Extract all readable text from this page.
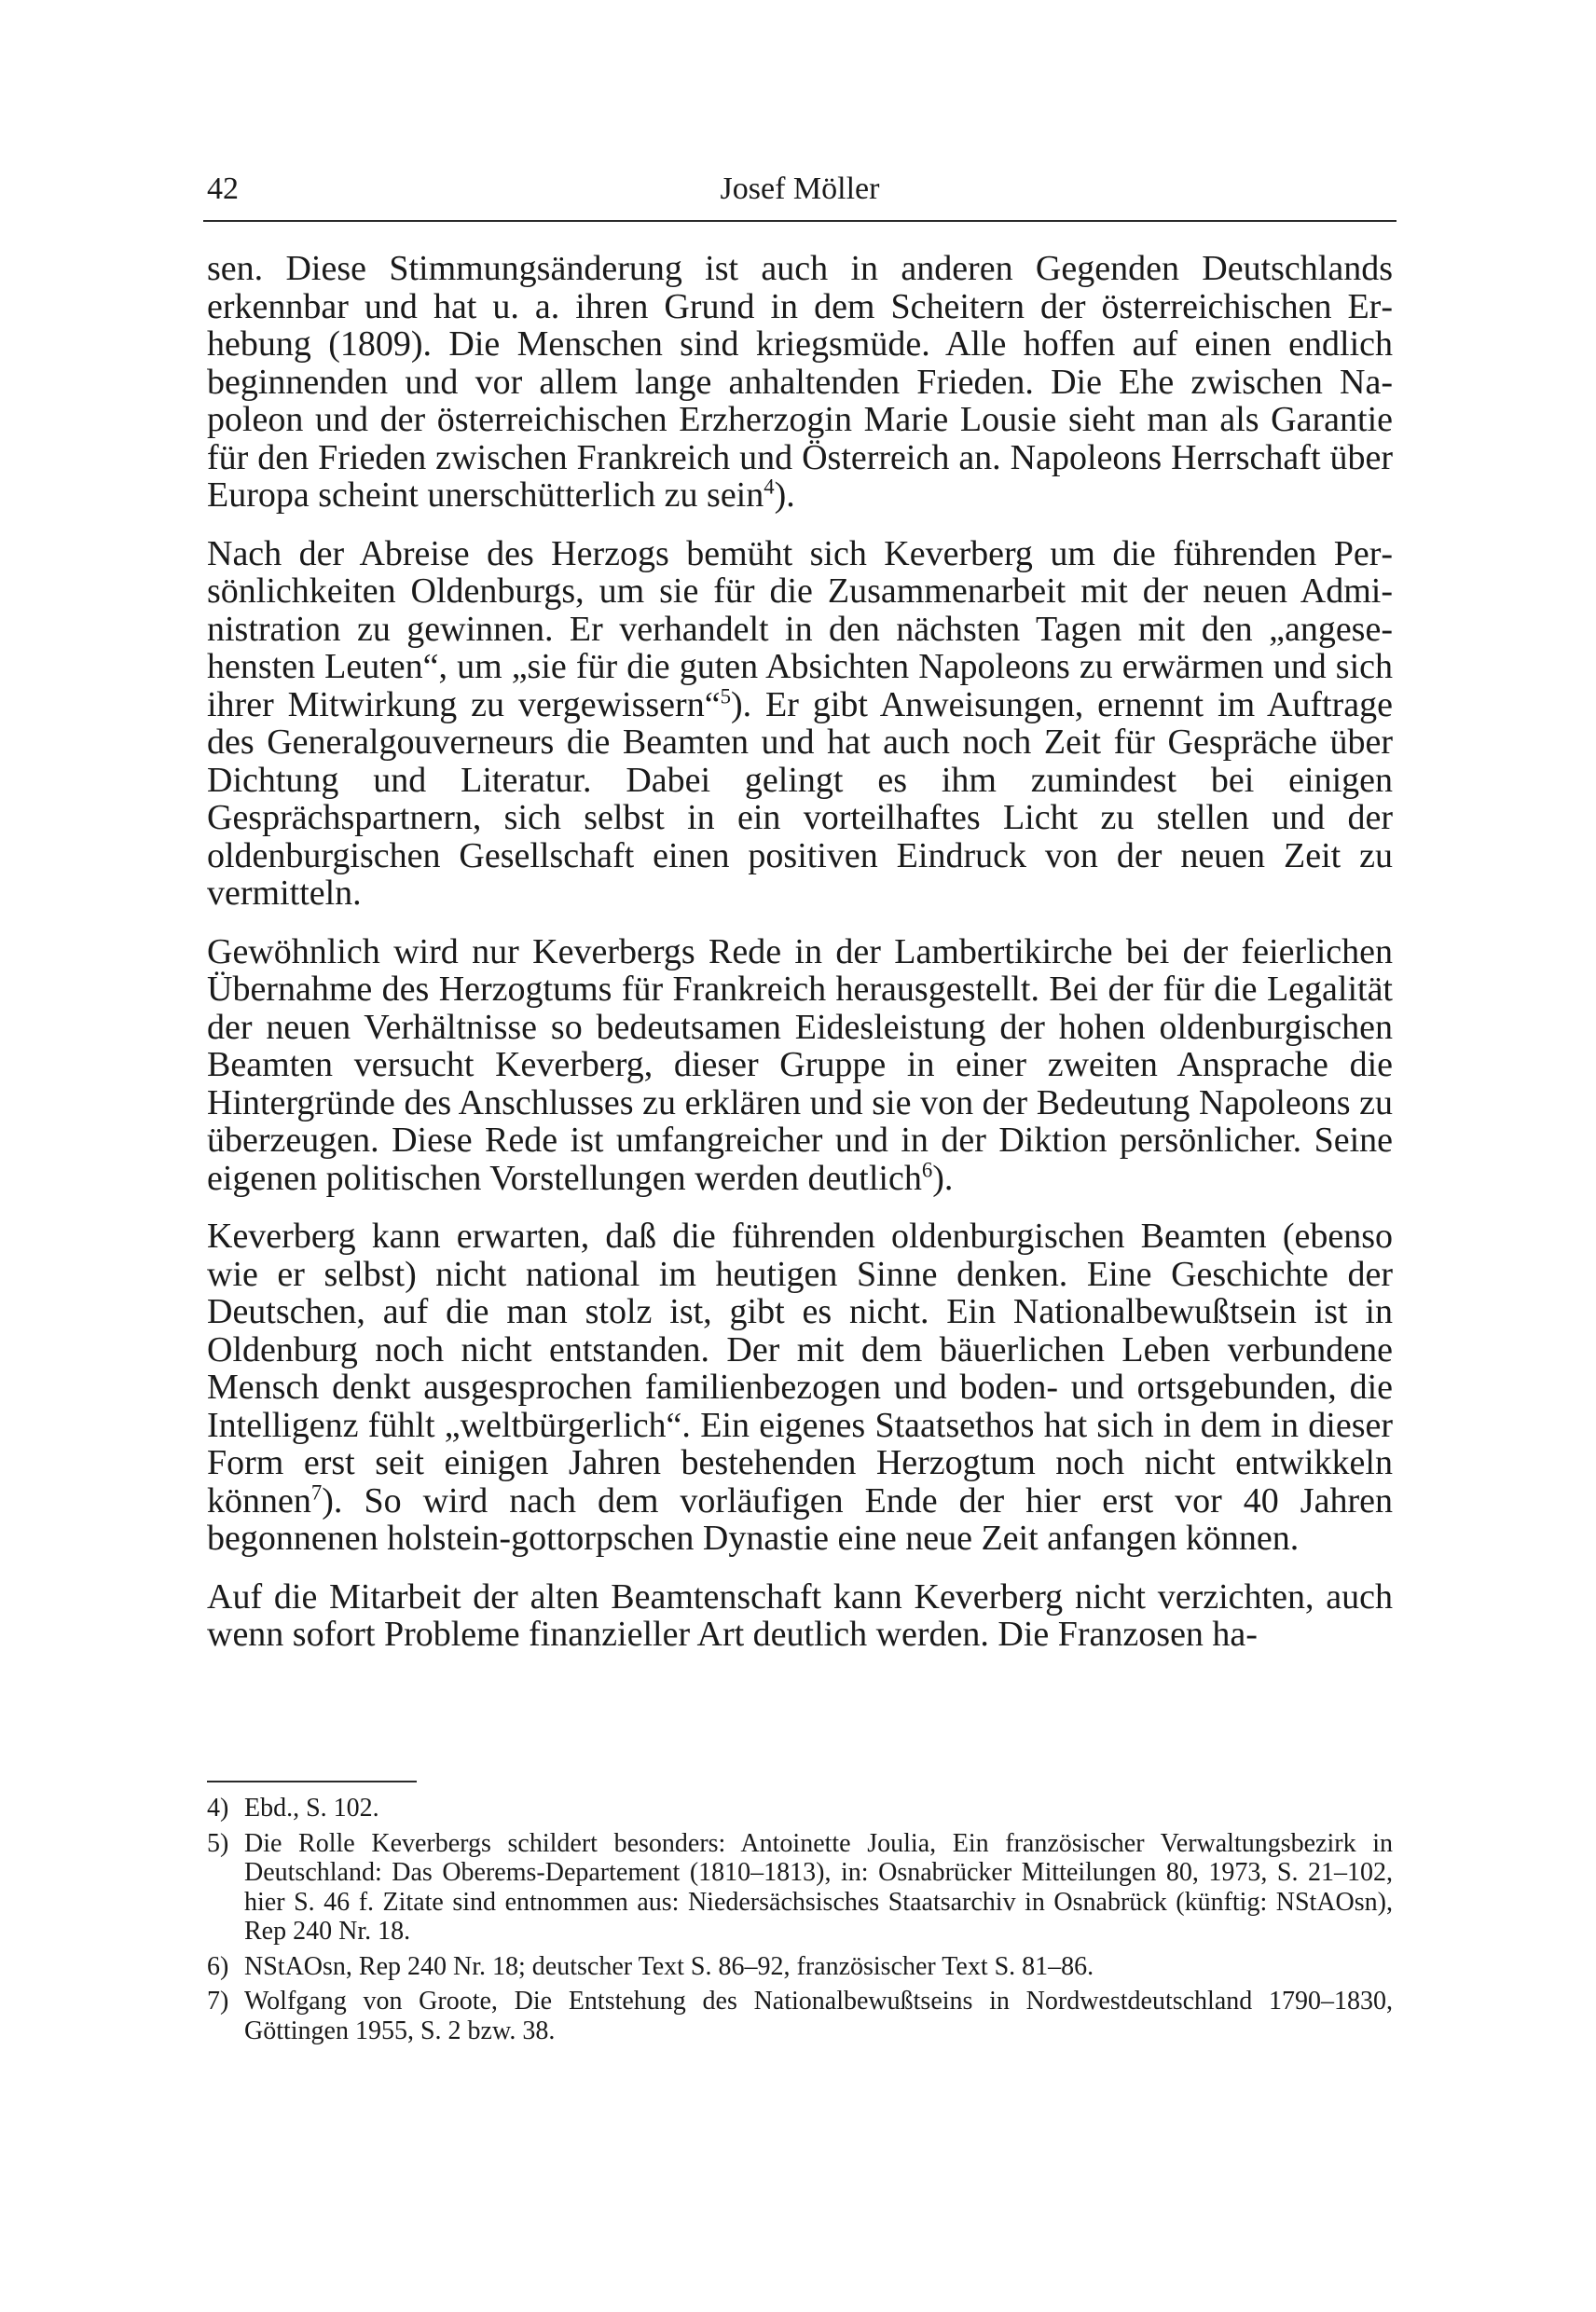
42	Josef Möller

sen. Diese Stimmungsänderung ist auch in anderen Gegenden Deutschlands erkennbar und hat u. a. ihren Grund in dem Scheitern der österreichischen Erhebung (1809). Die Menschen sind kriegsmüde. Alle hoffen auf einen endlich beginnenden und vor allem lange anhaltenden Frieden. Die Ehe zwischen Napoleon und der österreichischen Erzherzogin Marie Lousie sieht man als Garantie für den Frieden zwischen Frankreich und Österreich an. Napoleons Herrschaft über Europa scheint unerschütterlich zu sein$^4$).

Nach der Abreise des Herzogs bemüht sich Keverberg um die führenden Persönlichkeiten Oldenburgs, um sie für die Zusammenarbeit mit der neuen Administration zu gewinnen. Er verhandelt in den nächsten Tagen mit den „angesehensten Leuten“, um „sie für die guten Absichten Napoleons zu erwärmen und sich ihrer Mitwirkung zu vergewissern“$^5$). Er gibt Anweisungen, ernennt im Auftrage des Generalgouverneurs die Beamten und hat auch noch Zeit für Gespräche über Dichtung und Literatur. Dabei gelingt es ihm zumindest bei einigen Gesprächspartnern, sich selbst in ein vorteilhaftes Licht zu stellen und der oldenburgischen Gesellschaft einen positiven Eindruck von der neuen Zeit zu vermitteln.

Gewöhnlich wird nur Keverbergs Rede in der Lambertikirche bei der feierlichen Übernahme des Herzogtums für Frankreich herausgestellt. Bei der für die Legalität der neuen Verhältnisse so bedeutsamen Eidesleistung der hohen oldenburgischen Beamten versucht Keverberg, dieser Gruppe in einer zweiten Ansprache die Hintergründe des Anschlusses zu erklären und sie von der Bedeutung Napoleons zu überzeugen. Diese Rede ist umfangreicher und in der Diktion persönlicher. Seine eigenen politischen Vorstellungen werden deutlich$^6$).

Keverberg kann erwarten, daß die führenden oldenburgischen Beamten (ebenso wie er selbst) nicht national im heutigen Sinne denken. Eine Geschichte der Deutschen, auf die man stolz ist, gibt es nicht. Ein Nationalbewußtsein ist in Oldenburg noch nicht entstanden. Der mit dem bäuerlichen Leben verbundene Mensch denkt ausgesprochen familienbezogen und boden- und ortsgebunden, die Intelligenz fühlt „weltbürgerlich“. Ein eigenes Staatsethos hat sich in dem in dieser Form erst seit einigen Jahren bestehenden Herzogtum noch nicht entwikkeln können$^7$). So wird nach dem vorläufigen Ende der hier erst vor 40 Jahren begonnenen holstein-gottorpschen Dynastie eine neue Zeit anfangen können.

Auf die Mitarbeit der alten Beamtenschaft kann Keverberg nicht verzichten, auch wenn sofort Probleme finanzieller Art deutlich werden. Die Franzosen ha-

4) Ebd., S. 102.
5) Die Rolle Keverbergs schildert besonders: Antoinette Joulia, Ein französischer Verwaltungsbezirk in Deutschland: Das Oberems-Departement (1810–1813), in: Osnabrücker Mitteilungen 80, 1973, S. 21–102, hier S. 46 f. Zitate sind entnommen aus: Niedersächsisches Staatsarchiv in Osnabrück (künftig: NStAOsn), Rep 240 Nr. 18.
6) NStAOsn, Rep 240 Nr. 18; deutscher Text S. 86–92, französischer Text S. 81–86.
7) Wolfgang von Groote, Die Entstehung des Nationalbewußtseins in Nordwestdeutschland 1790–1830, Göttingen 1955, S. 2 bzw. 38.
